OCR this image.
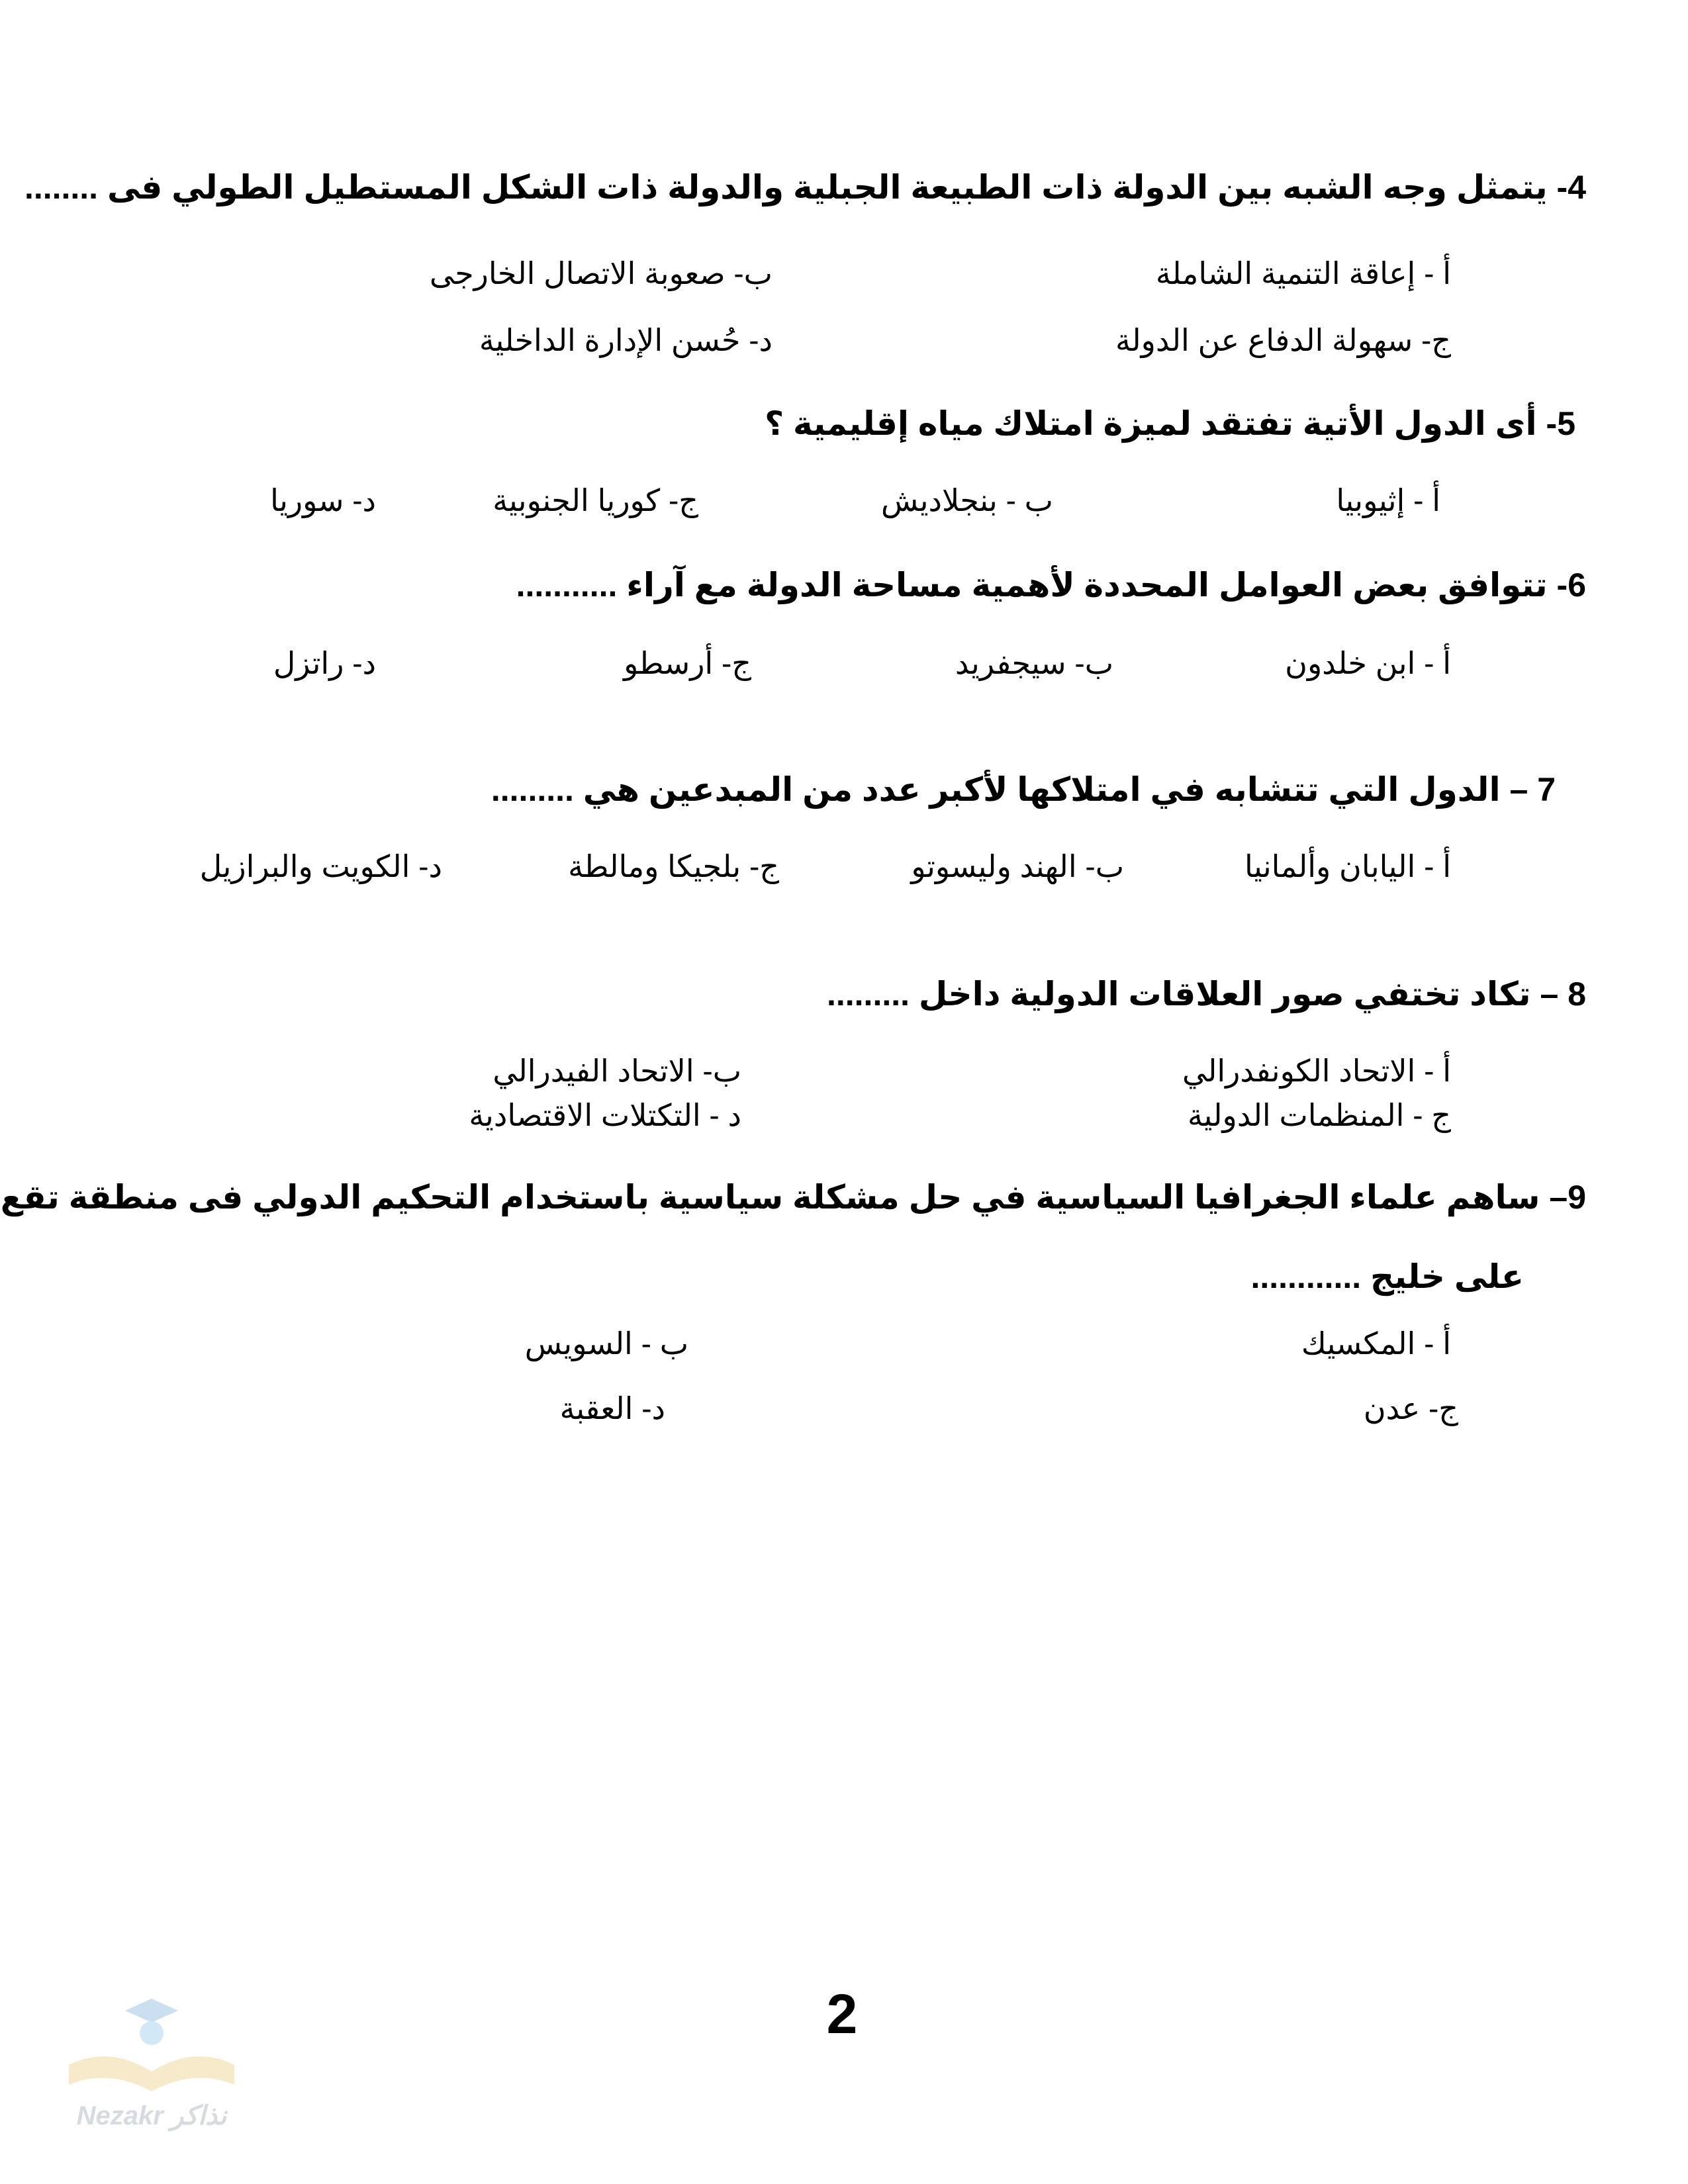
4- يتمثل وجه الشبه بين الدولة ذات الطبيعة الجبلية والدولة ذات الشكل المستطيل الطولي فى ........
أ - إعاقة التنمية الشاملة
ب- صعوبة الاتصال الخارجى
ج- سهولة الدفاع عن الدولة
د- حُسن الإدارة الداخلية
5- أى الدول الأتية تفتقد لميزة امتلاك مياه إقليمية ؟
أ - إثيوبيا
ب - بنجلاديش
ج- كوريا الجنوبية
د- سوريا
6- تتوافق بعض العوامل المحددة لأهمية مساحة الدولة مع آراء ...........
أ - ابن خلدون
ب- سيجفريد
ج- أرسطو
د- راتزل
7 – الدول التي تتشابه في امتلاكها لأكبر عدد من المبدعين هي .........
أ - اليابان وألمانيا
ب- الهند وليسوتو
ج- بلجيكا ومالطة
د- الكويت والبرازيل
8 – تكاد تختفي صور العلاقات الدولية داخل .........
أ - الاتحاد الكونفدرالي
ب- الاتحاد الفيدرالي
ج - المنظمات الدولية
د - التكتلات الاقتصادية
9– ساهم علماء الجغرافيا السياسية في حل مشكلة سياسية باستخدام التحكيم الدولي فى منطقة تقع
على خليج ............
أ - المكسيك
ب - السويس
ج- عدن
د- العقبة
2
Nezakr نذاكر
